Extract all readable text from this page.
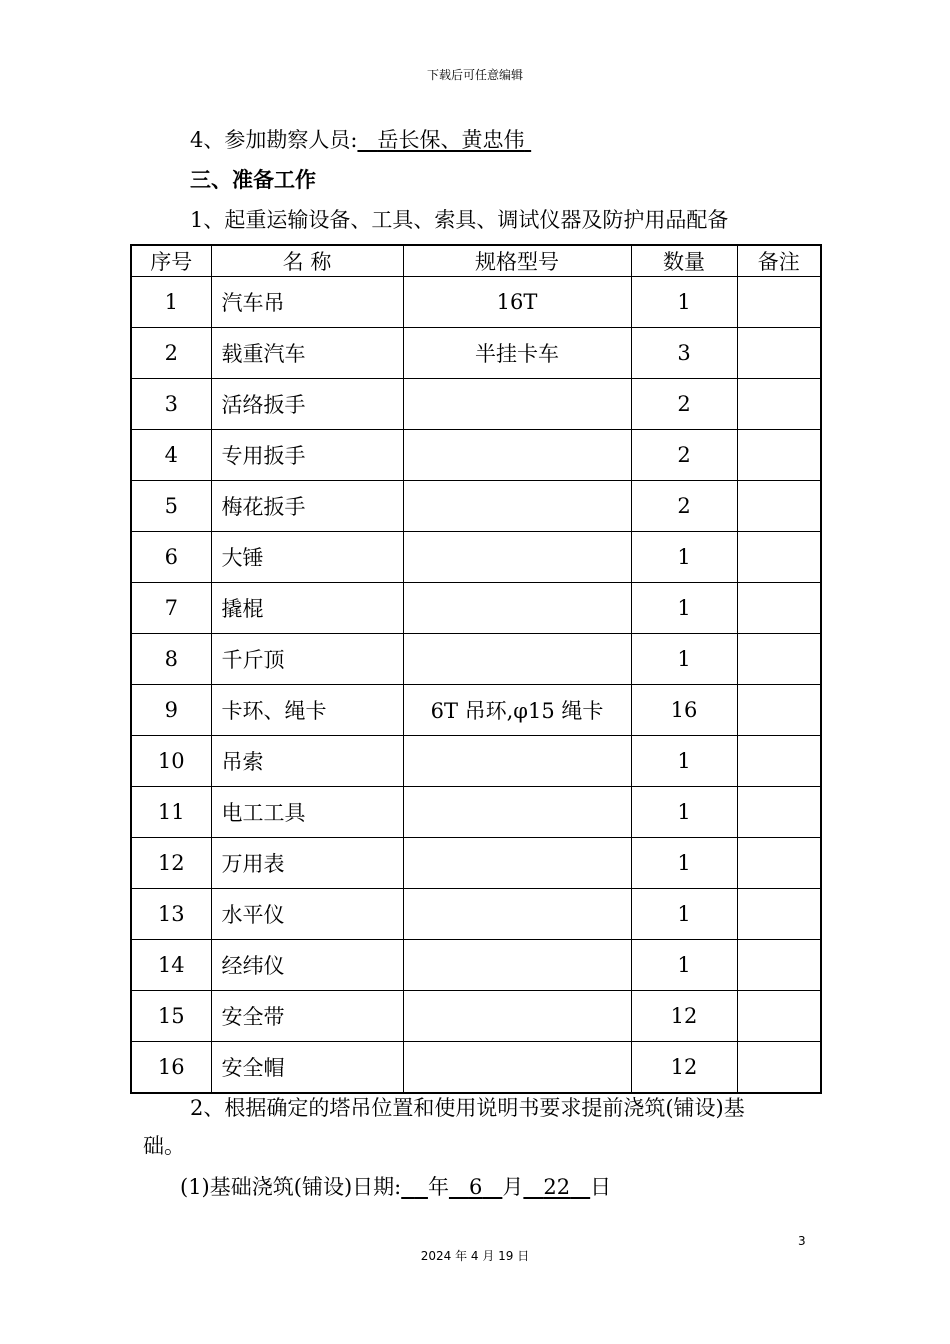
下载后可任意编辑
4、参加勘察人员: 岳长保、黄忠伟
三、准备工作
1、起重运输设备、工具、索具、调试仪器及防护用品配备
序号	名 称	规格型号	数量	备注
1	汽车吊	16T	1	
2	载重汽车	半挂卡车	3	
3	活络扳手		2	
4	专用扳手		2	
5	梅花扳手		2	
6	大锤		1	
7	撬棍		1	
8	千斤顶		1	
9	卡环、绳卡	6T 吊环,φ15 绳卡	16	
10	吊索		1	
11	电工工具		1	
12	万用表		1	
13	水平仪		1	
14	经纬仪		1	
15	安全带		12	
16	安全帽		12	
2、根据确定的塔吊位置和使用说明书要求提前浇筑(铺设)基
础。
(1)基础浇筑(铺设)日期: 年 6 月 22 日
3
2024 年 4 月 19 日
